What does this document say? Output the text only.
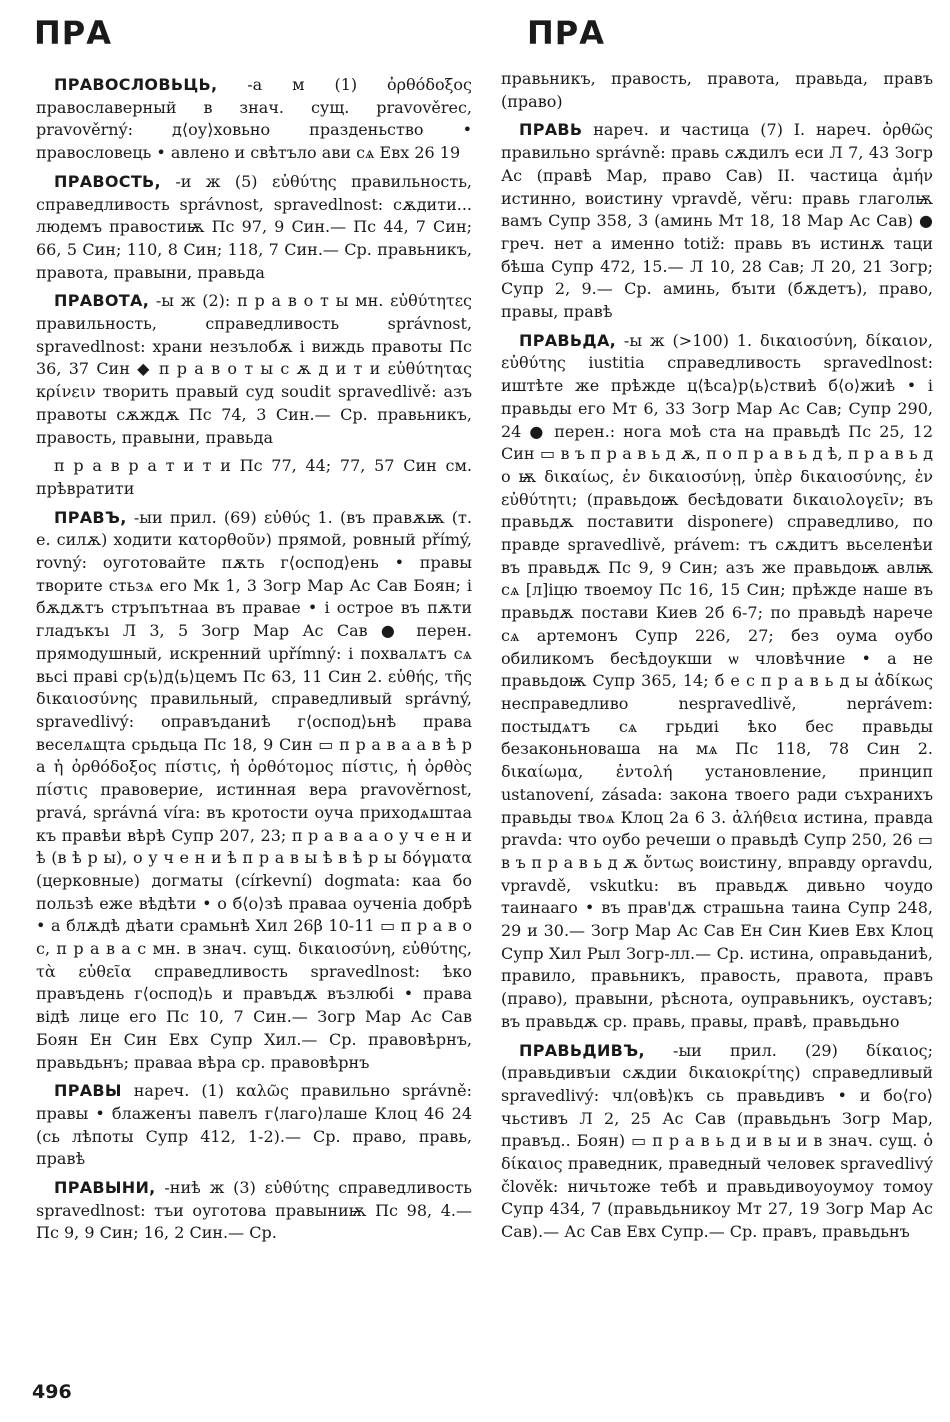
ПРА	ПРА

ПРАВОСЛОВЬЦЬ, -а м (1) ὀρθόδοξος православерный в знач. сущ. pravověrec, pravověrný: д⟨оу⟩ховьно празденьство • правословець • авлено и свѣтъло ави сѧ Евх 26 19

ПРАВОСТЬ, -и ж (5) εὐθύτης правильность, справедливость správnost, spravedlnost: сѫдити... людемъ правостиѭ Пс 97, 9 Син.— Пс 44, 7 Син; 66, 5 Син; 110, 8 Син; 118, 7 Син.— Ср. правьникъ, правота, правыни, правьда

ПРАВОТА, -ы ж (2): п р а в о т ы мн. εὐθύτητες правильность, справедливость správnost, spravedlnost: храни незълобѫ і виждь правоты Пс 36, 37 Син ◆ п р а в о т ы с ѫ д и т и εὐθύτητας κρίνειν творить правый суд soudit spravedlivě: азъ правоты сѫждѫ Пс 74, 3 Син.— Ср. правьникъ, правость, правыни, правьда

п р а в р а т и т и Пс 77, 44; 77, 57 Син см. прѣвратити

ПРАВЪ, -ыи прил. (69) εὐθύς 1. (въ правѫѭ (т. е. силѫ) ходити κατορθοῦν) прямой, ровный přímý, rovný: оуготовайте пѫть г⟨оспод⟩ень • правы творите стьзѧ его Мк 1, 3 Зогр Мар Ас Сав Боян; і бѫдѫтъ стръпътнаа въ правае • і острое въ пѫти гладъкъı Л 3, 5 Зогр Мар Ас Сав ● перен. прямодушный, искренний upřímný: і похвалѧтъ сѧ вьсі праві ср⟨ь⟩д⟨ь⟩цемъ Пс 63, 11 Син 2. εὐθής, τῆς δικαιοσύνης правильный, справедливый správný, spravedlivý: оправъданиѣ г⟨оспод⟩ьнѣ права веселѧщта срьдьца Пс 18, 9 Син ▭ п р а в а а в ѣ р а ἡ ὀρθόδοξος πίστις, ἡ ὀρθότομος πίστις, ἡ ὀρθὸς πίστις правоверие, истинная вера pravověrnost, pravá, správná víra: въ кротости оуча приходѧштаа къ правѣи вѣрѣ Супр 207, 23; п р а в а а о у ч е н и ѣ (в ѣ р ы), о у ч е н и ѣ п р а в ы ѣ в ѣ р ы δόγματα (церковные) догматы (církevní) dogmata: каа бо пользѣ еже вѣдѣти • о б⟨о⟩зѣ праваа оученіа добрѣ • а блѫдѣ дѣати срамьнѣ Хил 26β 10-11 ▭ п р а в о с, п р а в а с мн. в знач. сущ. δικαιοσύνη, εὐθύτης, τὰ εὐθεῖα справедливость spravedlnost: ѣко правъдень г⟨оспод⟩ь и правъдѫ възлюбі • права відѣ лице его Пс 10, 7 Син.— Зогр Мар Ас Сав Боян Ен Син Евх Супр Хил.— Ср. правовѣрнъ, правьдьнъ; праваа вѣра ср. правовѣрнъ

ПРАВЫ нареч. (1) καλῶς правильно správně: правы • блаженъı павелъ г⟨лаго⟩лаше Клоц 46 24 (сь лѣпоты Супр 412, 1-2).— Ср. право, правь, правѣ

ПРАВЫНИ, -ниѣ ж (3) εὐθύτης справедливость spravedlnost: тъи оуготова правыниѭ Пс 98, 4.— Пс 9, 9 Син; 16, 2 Син.— Ср.

правьникъ, правость, правота, правьда, правъ (право)

ПРАВЬ нареч. и частица (7) I. нареч. ὀρθῶς правильно správně: правь сѫдилъ еси Л 7, 43 Зогр Ас (правѣ Мар, право Сав) II. частица ἀμήν истинно, воистину vpravdě, věru: правь глаголѭ вамъ Супр 358, 3 (аминь Мт 18, 18 Мар Ас Сав) ● греч. нет а именно totiž: правь въ истинѫ таци бѣша Супр 472, 15.— Л 10, 28 Сав; Л 20, 21 Зогр; Супр 2, 9.— Ср. аминь, бъıти (бѫдетъ), право, правы, правѣ

ПРАВЬДА, -ы ж (>100) 1. δικαιοσύνη, δίκαιον, εὐθύτης iustitia справедливость spravedlnost: иштѣте же прѣжде ц⟨ѣса⟩р⟨ь⟩ствиѣ б⟨о⟩жиѣ • і правьды его Мт 6, 33 Зогр Мар Ас Сав; Супр 290, 24 ● перен.: нога моѣ ста на правьдѣ Пс 25, 12 Син ▭ в ъ п р а в ь д ѫ, п о п р а в ь д ѣ, п р а в ь д о ѭ δικαίως, ἐν δικαιοσύνῃ, ὑπὲρ δικαιοσύνης, ἐν εὐθύτητι; (правьдоѭ бесѣдовати δικαιολογεῖν; въ правьдѫ поставити disponere) справедливо, по правде spravedlivě, právem: тъ сѫдитъ вьселенѣи въ правьдѫ Пс 9, 9 Син; азъ же правьдоѭ авлѭ сѧ [л]іцю твоемоу Пс 16, 15 Син; прѣжде наше въ правьдѫ постави Киев 2б 6-7; по правьдѣ нарече сѧ артемонъ Супр 226, 27; без оума оубо обиликомъ бесѣдоукши ѡ чловѣчние • а не правьдоѭ Супр 365, 14; б е с п р а в ь д ы ἀδίκως несправедливо nespravedlivě, neprávem: постыдѧтъ сѧ грьдиі ѣко бес правьды безаконьноваша на мѧ Пс 118, 78 Син 2. δικαίωμα, ἐντολή установление, принцип ustanovení, zásada: закона твоего ради съхранихъ правьды твоѧ Клоц 2а 6 3. ἀλήθεια истина, правда pravda: что оубо речеши о правьдѣ Супр 250, 26 ▭ в ъ п р а в ь д ѫ ὄντως воистину, вправду opravdu, vpravdě, vskutku: въ правьдѫ дивьно чоудо таинааго • въ прав'дѫ страшьна таина Супр 248, 29 и 30.— Зогр Мар Ас Сав Ен Син Киев Евх Клоц Супр Хил Рыл Зогр-лл.— Ср. истина, оправьданиѣ, правило, правьникъ, правость, правота, правъ (право), правыни, рѣснота, оуправьникъ, оуставъ; въ правьдѫ ср. правь, правы, правѣ, правьдьно

ПРАВЬДИВЪ, -ыи прил. (29) δίκαιος; (правьдивъıи сѫдии δικαιοκρίτης) справедливый spravedlivý: чл⟨овѣ⟩къ сь правьдивъ • и бо⟨го⟩чьстивъ Л 2, 25 Ас Сав (правьдьнъ Зогр Мар, правъд.. Боян) ▭ п р а в ь д и в ы и в знач. сущ. ὁ δίκαιος праведник, праведный человек spravedlivý člověk: ничьтоже тебѣ и правьдивоуоумоу томоу Супр 434, 7 (правьдьникоу Мт 27, 19 Зогр Мар Ас Сав).— Ас Сав Евх Супр.— Ср. правъ, правьдьнъ

496
